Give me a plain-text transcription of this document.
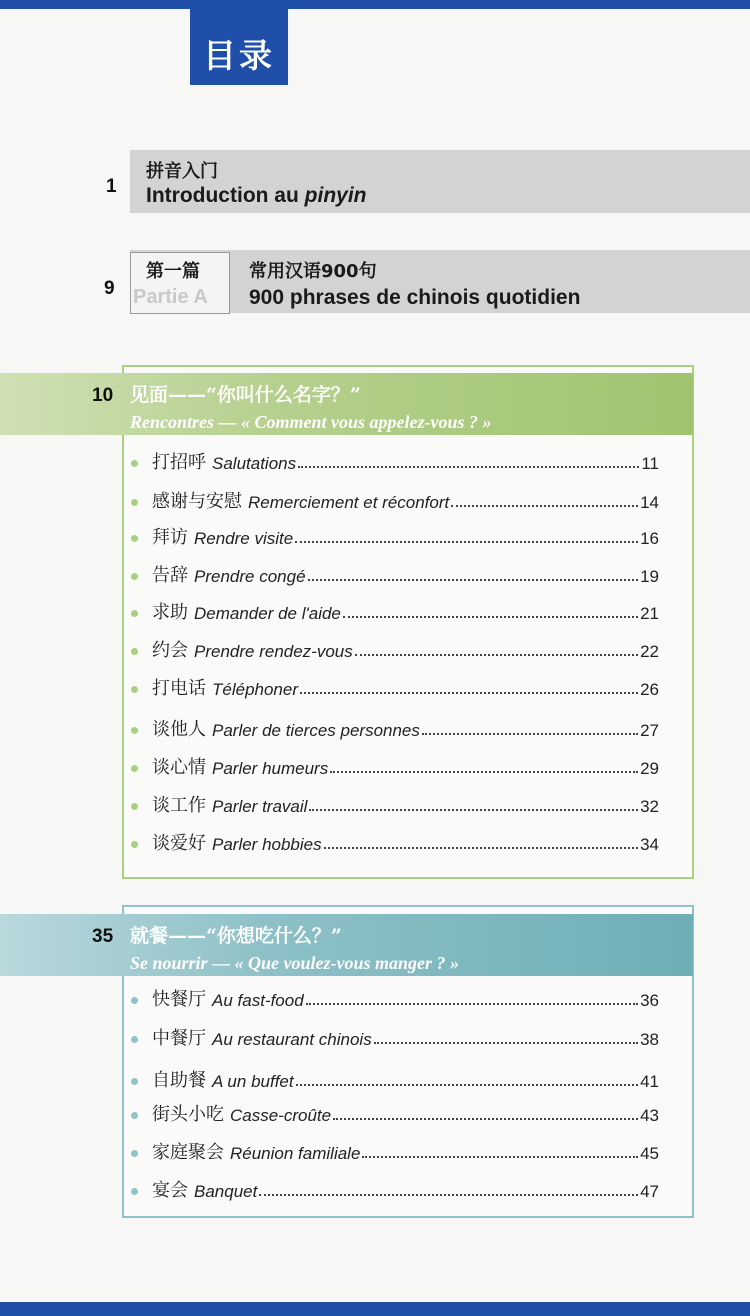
目录
1
拼音入门
Introduction au pinyin
9
第一篇
Partie A
常用汉语900句
900 phrases de chinois quotidien
10 见面——“你叫什么名字？”
Rencontres — « Comment vous appelez-vous ? »
打招呼 Salutations	11
感谢与安慰 Remerciement et réconfort	14
拜访 Rendre visite	16
告辞 Prendre congé	19
求助 Demander de l'aide	21
约会 Prendre rendez-vous	22
打电话 Téléphoner	26
谈他人 Parler de tierces personnes	27
谈心情 Parler humeurs	29
谈工作 Parler travail	32
谈爱好 Parler hobbies	34
35 就餐——“你想吃什么？”
Se nourrir — « Que voulez-vous manger ? »
快餐厅 Au fast-food	36
中餐厅 Au restaurant chinois	38
自助餐 A un buffet	41
街头小吃 Casse-croûte	43
家庭聚会 Réunion familiale	45
宴会 Banquet	47
